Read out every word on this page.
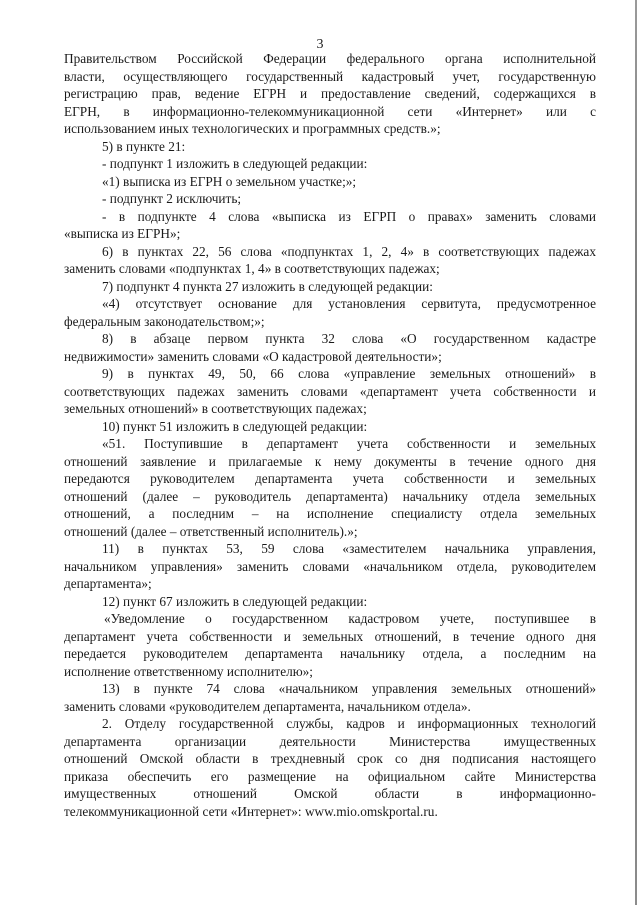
3
Правительством Российской Федерации федерального органа исполнительной
власти, осуществляющего государственный кадастровый учет, государственную
регистрацию прав, ведение ЕГРН и предоставление сведений, содержащихся в
ЕГРН, в информационно-телекоммуникационной сети «Интернет» или с
использованием иных технологических и программных средств.»;
5) в пункте 21:
- подпункт 1 изложить в следующей редакции:
«1) выписка из ЕГРН о земельном участке;»;
- подпункт 2 исключить;
- в подпункте 4 слова «выписка из ЕГРП о правах» заменить словами
«выписка из ЕГРН»;
6) в пунктах 22, 56 слова «подпунктах 1, 2, 4» в соответствующих падежах
заменить словами «подпунктах 1, 4» в соответствующих падежах;
7) подпункт 4 пункта 27 изложить в следующей редакции:
«4) отсутствует основание для установления сервитута, предусмотренное
федеральным законодательством;»;
8) в абзаце первом пункта 32 слова «О государственном кадастре
недвижимости» заменить словами «О кадастровой деятельности»;
9) в пунктах 49, 50, 66 слова «управление земельных отношений» в
соответствующих падежах заменить словами «департамент учета собственности и
земельных отношений» в соответствующих падежах;
10) пункт 51 изложить в следующей редакции:
«51. Поступившие в департамент учета собственности и земельных
отношений заявление и прилагаемые к нему документы в течение одного дня
передаются руководителем департамента учета собственности и земельных
отношений (далее – руководитель департамента) начальнику отдела земельных
отношений, а последним – на исполнение специалисту отдела земельных
отношений (далее – ответственный исполнитель).»;
11) в пунктах 53, 59 слова «заместителем начальника управления,
начальником управления» заменить словами «начальником отдела, руководителем
департамента»;
12) пункт 67 изложить в следующей редакции:
«Уведомление о государственном кадастровом учете, поступившее в
департамент учета собственности и земельных отношений, в течение одного дня
передается руководителем департамента начальнику отдела, а последним на
исполнение ответственному исполнителю»;
13) в пункте 74 слова «начальником управления земельных отношений»
заменить словами «руководителем департамента, начальником отдела».
2. Отделу государственной службы, кадров и информационных технологий
департамента организации деятельности Министерства имущественных
отношений Омской области в трехдневный срок со дня подписания настоящего
приказа обеспечить его размещение на официальном сайте Министерства
имущественных отношений Омской области в информационно-
телекоммуникационной сети «Интернет»: www.mio.omskportal.ru.
